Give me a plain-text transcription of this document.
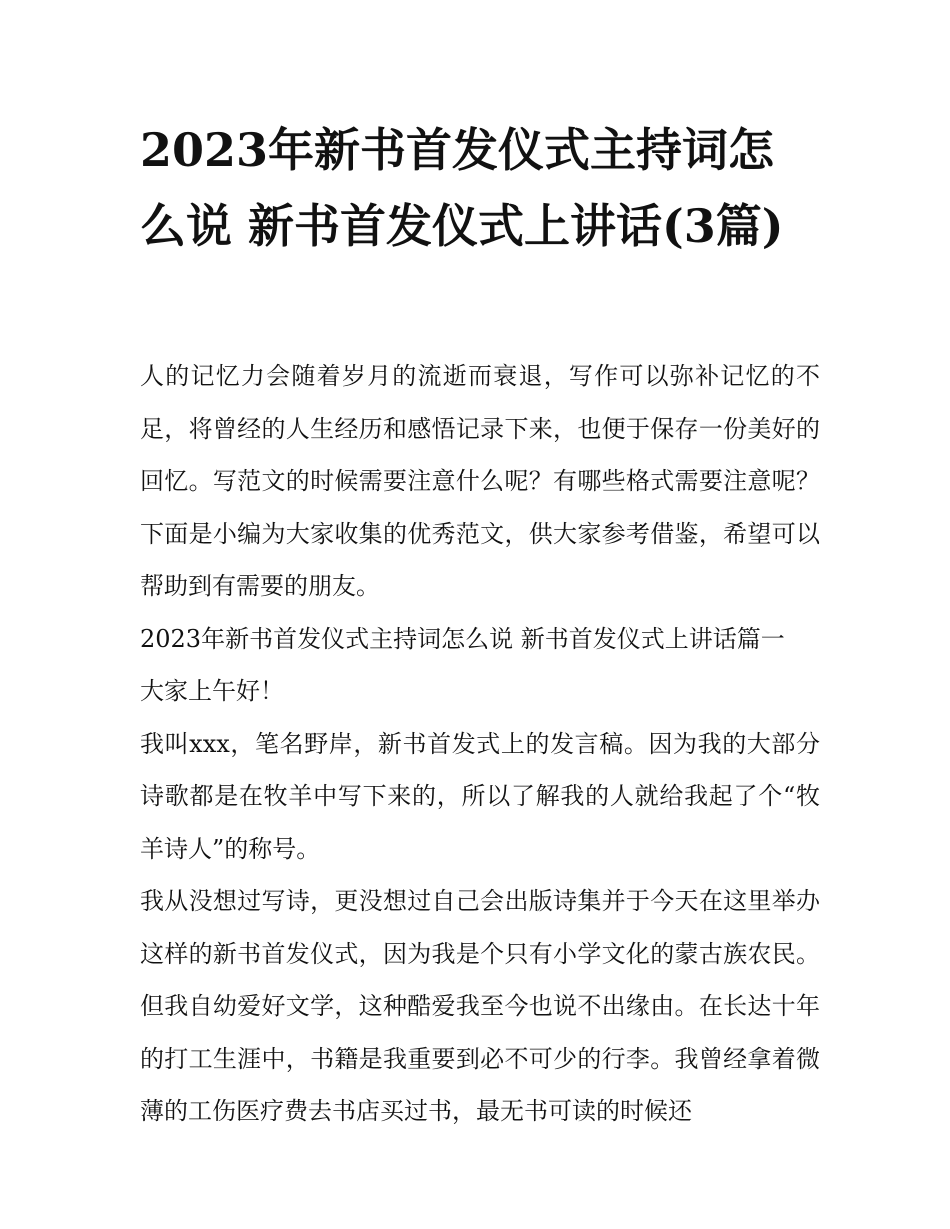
2023年新书首发仪式主持词怎么说 新书首发仪式上讲话(3篇)

人的记忆力会随着岁月的流逝而衰退，写作可以弥补记忆的不足，将曾经的人生经历和感悟记录下来，也便于保存一份美好的回忆。写范文的时候需要注意什么呢？有哪些格式需要注意呢？下面是小编为大家收集的优秀范文，供大家参考借鉴，希望可以帮助到有需要的朋友。

2023年新书首发仪式主持词怎么说 新书首发仪式上讲话篇一

大家上午好！

我叫xxx，笔名野岸，新书首发式上的发言稿。因为我的大部分诗歌都是在牧羊中写下来的，所以了解我的人就给我起了个“牧羊诗人”的称号。

我从没想过写诗，更没想过自己会出版诗集并于今天在这里举办这样的新书首发仪式，因为我是个只有小学文化的蒙古族农民。但我自幼爱好文学，这种酷爱我至今也说不出缘由。在长达十年的打工生涯中，书籍是我重要到必不可少的行李。我曾经拿着微薄的工伤医疗费去书店买过书，最无书可读的时候还
